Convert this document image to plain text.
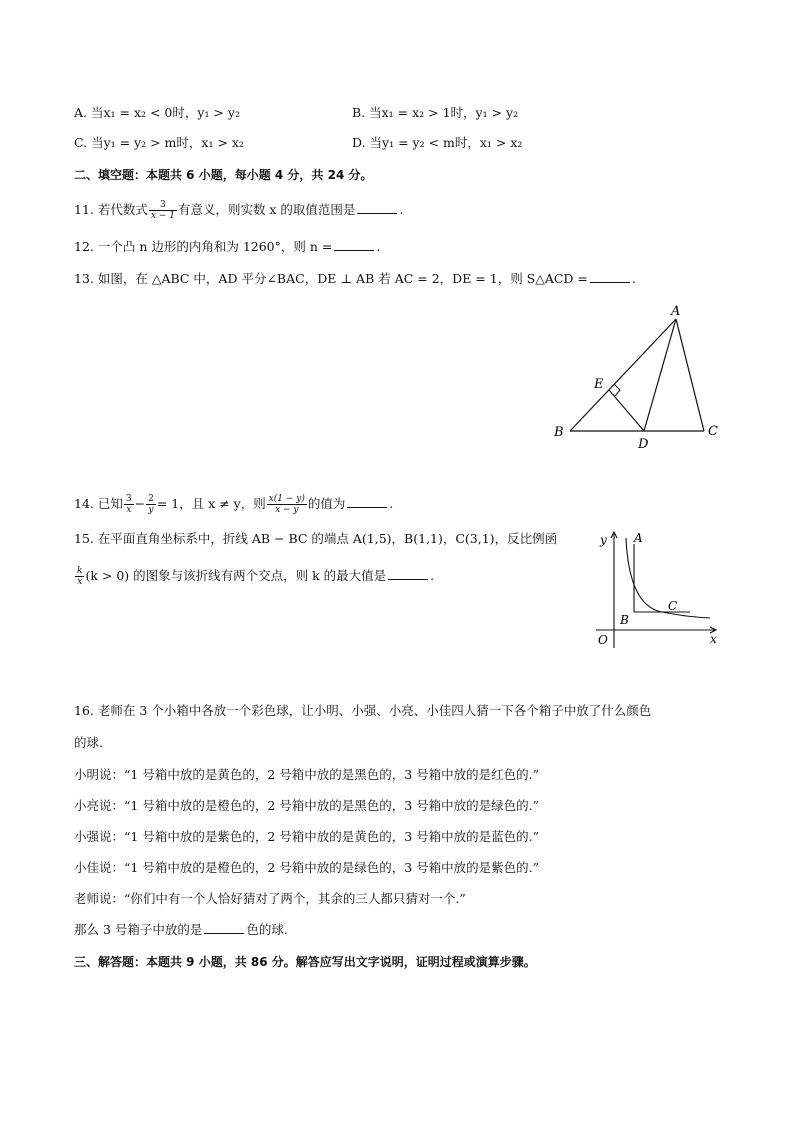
A. 当x₁ = x₂ < 0时，y₁ > y₂	B. 当x₁ = x₂ > 1时，y₁ > y₂
C. 当y₁ = y₂ > m时，x₁ > x₂	D. 当y₁ = y₂ < m时，x₁ > x₂
二、填空题：本题共 6 小题，每小题 4 分，共 24 分。
11. 若代数式 $\frac{3}{x - 1}$ 有意义，则实数 x 的取值范围是	.
12. 一个凸 n 边形的内角和为 1260°，则 n =	.
13. 如图，在 △ABC 中，AD 平分∠BAC，DE ⊥ AB 若 AC = 2，DE = 1，则 S△ACD =	.
A
B	C
D
E
14. 已知 $\frac{3}{x} - \frac{2}{y} = 1$，且 x ≠ y，则 $\frac{x(1 - y)}{x - y}$ 的值为	.
15. 在平面直角坐标系中，折线 AB − BC 的端点 A(1,5)，B(1,1)，C(3,1)，反比例函
$\frac{k}{x} (k > 0)$ 的图象与该折线有两个交点，则 k 的最大值是	.
y
x
O
A
B
C
16. 老师在 3 个小箱中各放一个彩色球，让小明、小强、小亮、小佳四人猜一下各个箱子中放了什么颜色
的球.
小明说：“1 号箱中放的是黄色的，2 号箱中放的是黑色的，3 号箱中放的是红色的.”
小亮说：“1 号箱中放的是橙色的，2 号箱中放的是黑色的，3 号箱中放的是绿色的.”
小强说：“1 号箱中放的是紫色的，2 号箱中放的是黄色的，3 号箱中放的是蓝色的.”
小佳说：“1 号箱中放的是橙色的，2 号箱中放的是绿色的，3 号箱中放的是紫色的.”
老师说：“你们中有一个人恰好猜对了两个，其余的三人都只猜对一个.”
那么 3 号箱子中放的是	色的球.
三、解答题：本题共 9 小题，共 86 分。解答应写出文字说明，证明过程或演算步骤。
